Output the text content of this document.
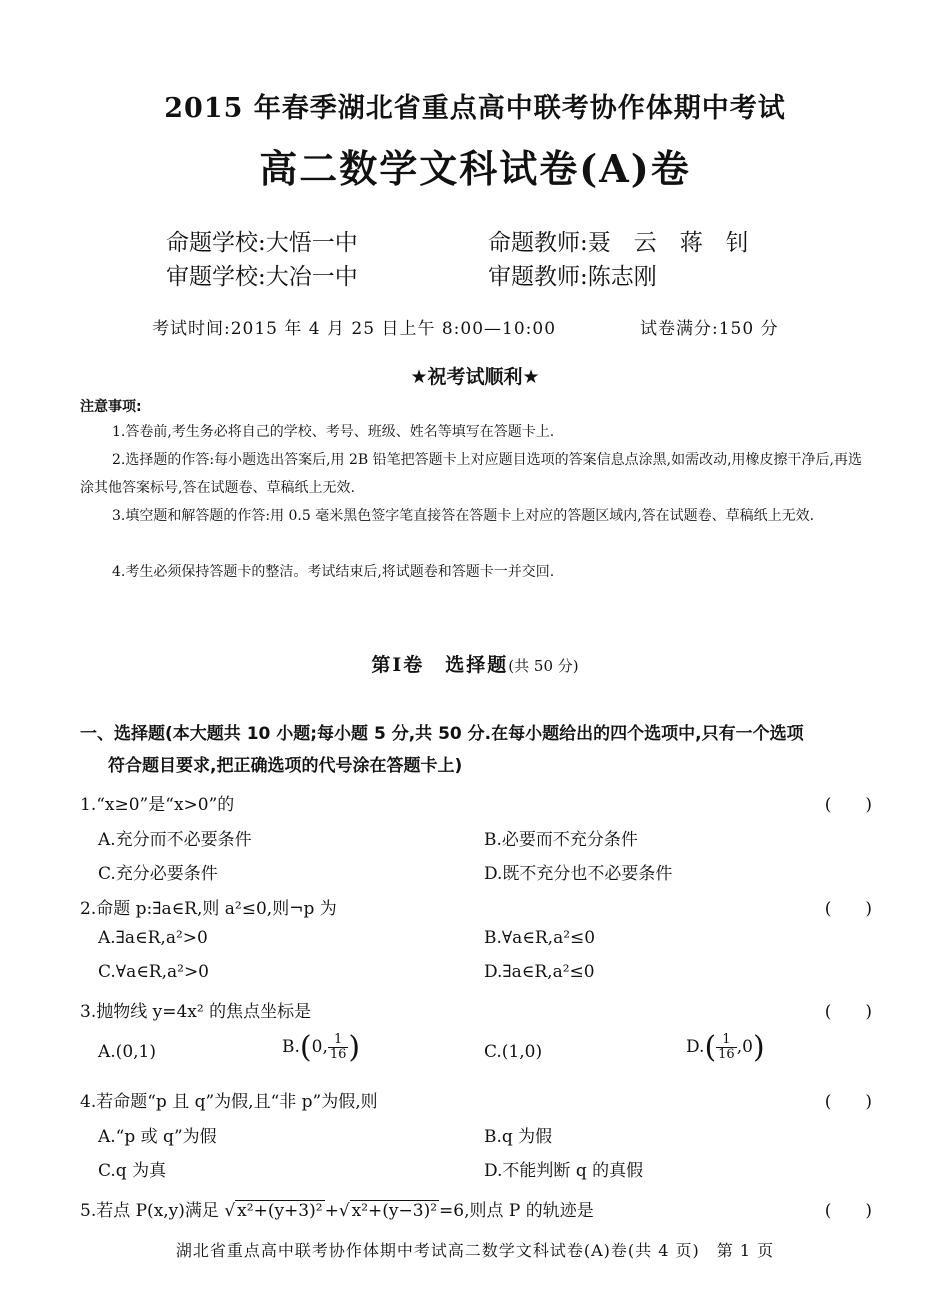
2015 年春季湖北省重点高中联考协作体期中考试
高二数学文科试卷(A)卷
命题学校:大悟一中	命题教师:聂　云　蒋　钊
审题学校:大冶一中	审题教师:陈志刚
考试时间:2015 年 4 月 25 日上午 8:00—10:00	试卷满分:150 分
★祝考试顺利★
注意事项:
1.答卷前,考生务必将自己的学校、考号、班级、姓名等填写在答题卡上.
2.选择题的作答:每小题选出答案后,用 2B 铅笔把答题卡上对应题目选项的答案信息点涂黑,如需改动,用橡皮擦干净后,再选涂其他答案标号,答在试题卷、草稿纸上无效.
3.填空题和解答题的作答:用 0.5 毫米黑色签字笔直接答在答题卡上对应的答题区域内,答在试题卷、草稿纸上无效.
4.考生必须保持答题卡的整洁。考试结束后,将试题卷和答题卡一并交回.
第Ⅰ卷　选择题(共 50 分)
一、选择题(本大题共 10 小题;每小题 5 分,共 50 分.在每小题给出的四个选项中,只有一个选项
符合题目要求,把正确选项的代号涂在答题卡上)
1.“x≥0”是“x>0”的	(　　)
A.充分而不必要条件	B.必要而不充分条件
C.充分必要条件	D.既不充分也不必要条件
2.命题 p:∃a∈R,则 a²≤0,则¬p 为	(　　)
A.∃a∈R,a²>0	B.∀a∈R,a²≤0
C.∀a∈R,a²>0	D.∃a∈R,a²≤0
3.抛物线 y=4x² 的焦点坐标是	(　　)
A.(0,1)	B.(0, $\frac{1}{16}$ )	C.(1,0)	$D.( \frac{1}{16} ,0)$
4.若命题“p 且 q”为假,且“非 p”为假,则	(　　)
A.“p 或 q”为假	B.q 为假
C.q 为真	D.不能判断 q 的真假
5.若点 P(x,y)满足 √ x²+(y+3)² +√ x²+(y−3)² =6,则点 P 的轨迹是	(　　)
湖北省重点高中联考协作体期中考试高二数学文科试卷(A)卷(共 4 页)　第 1 页
